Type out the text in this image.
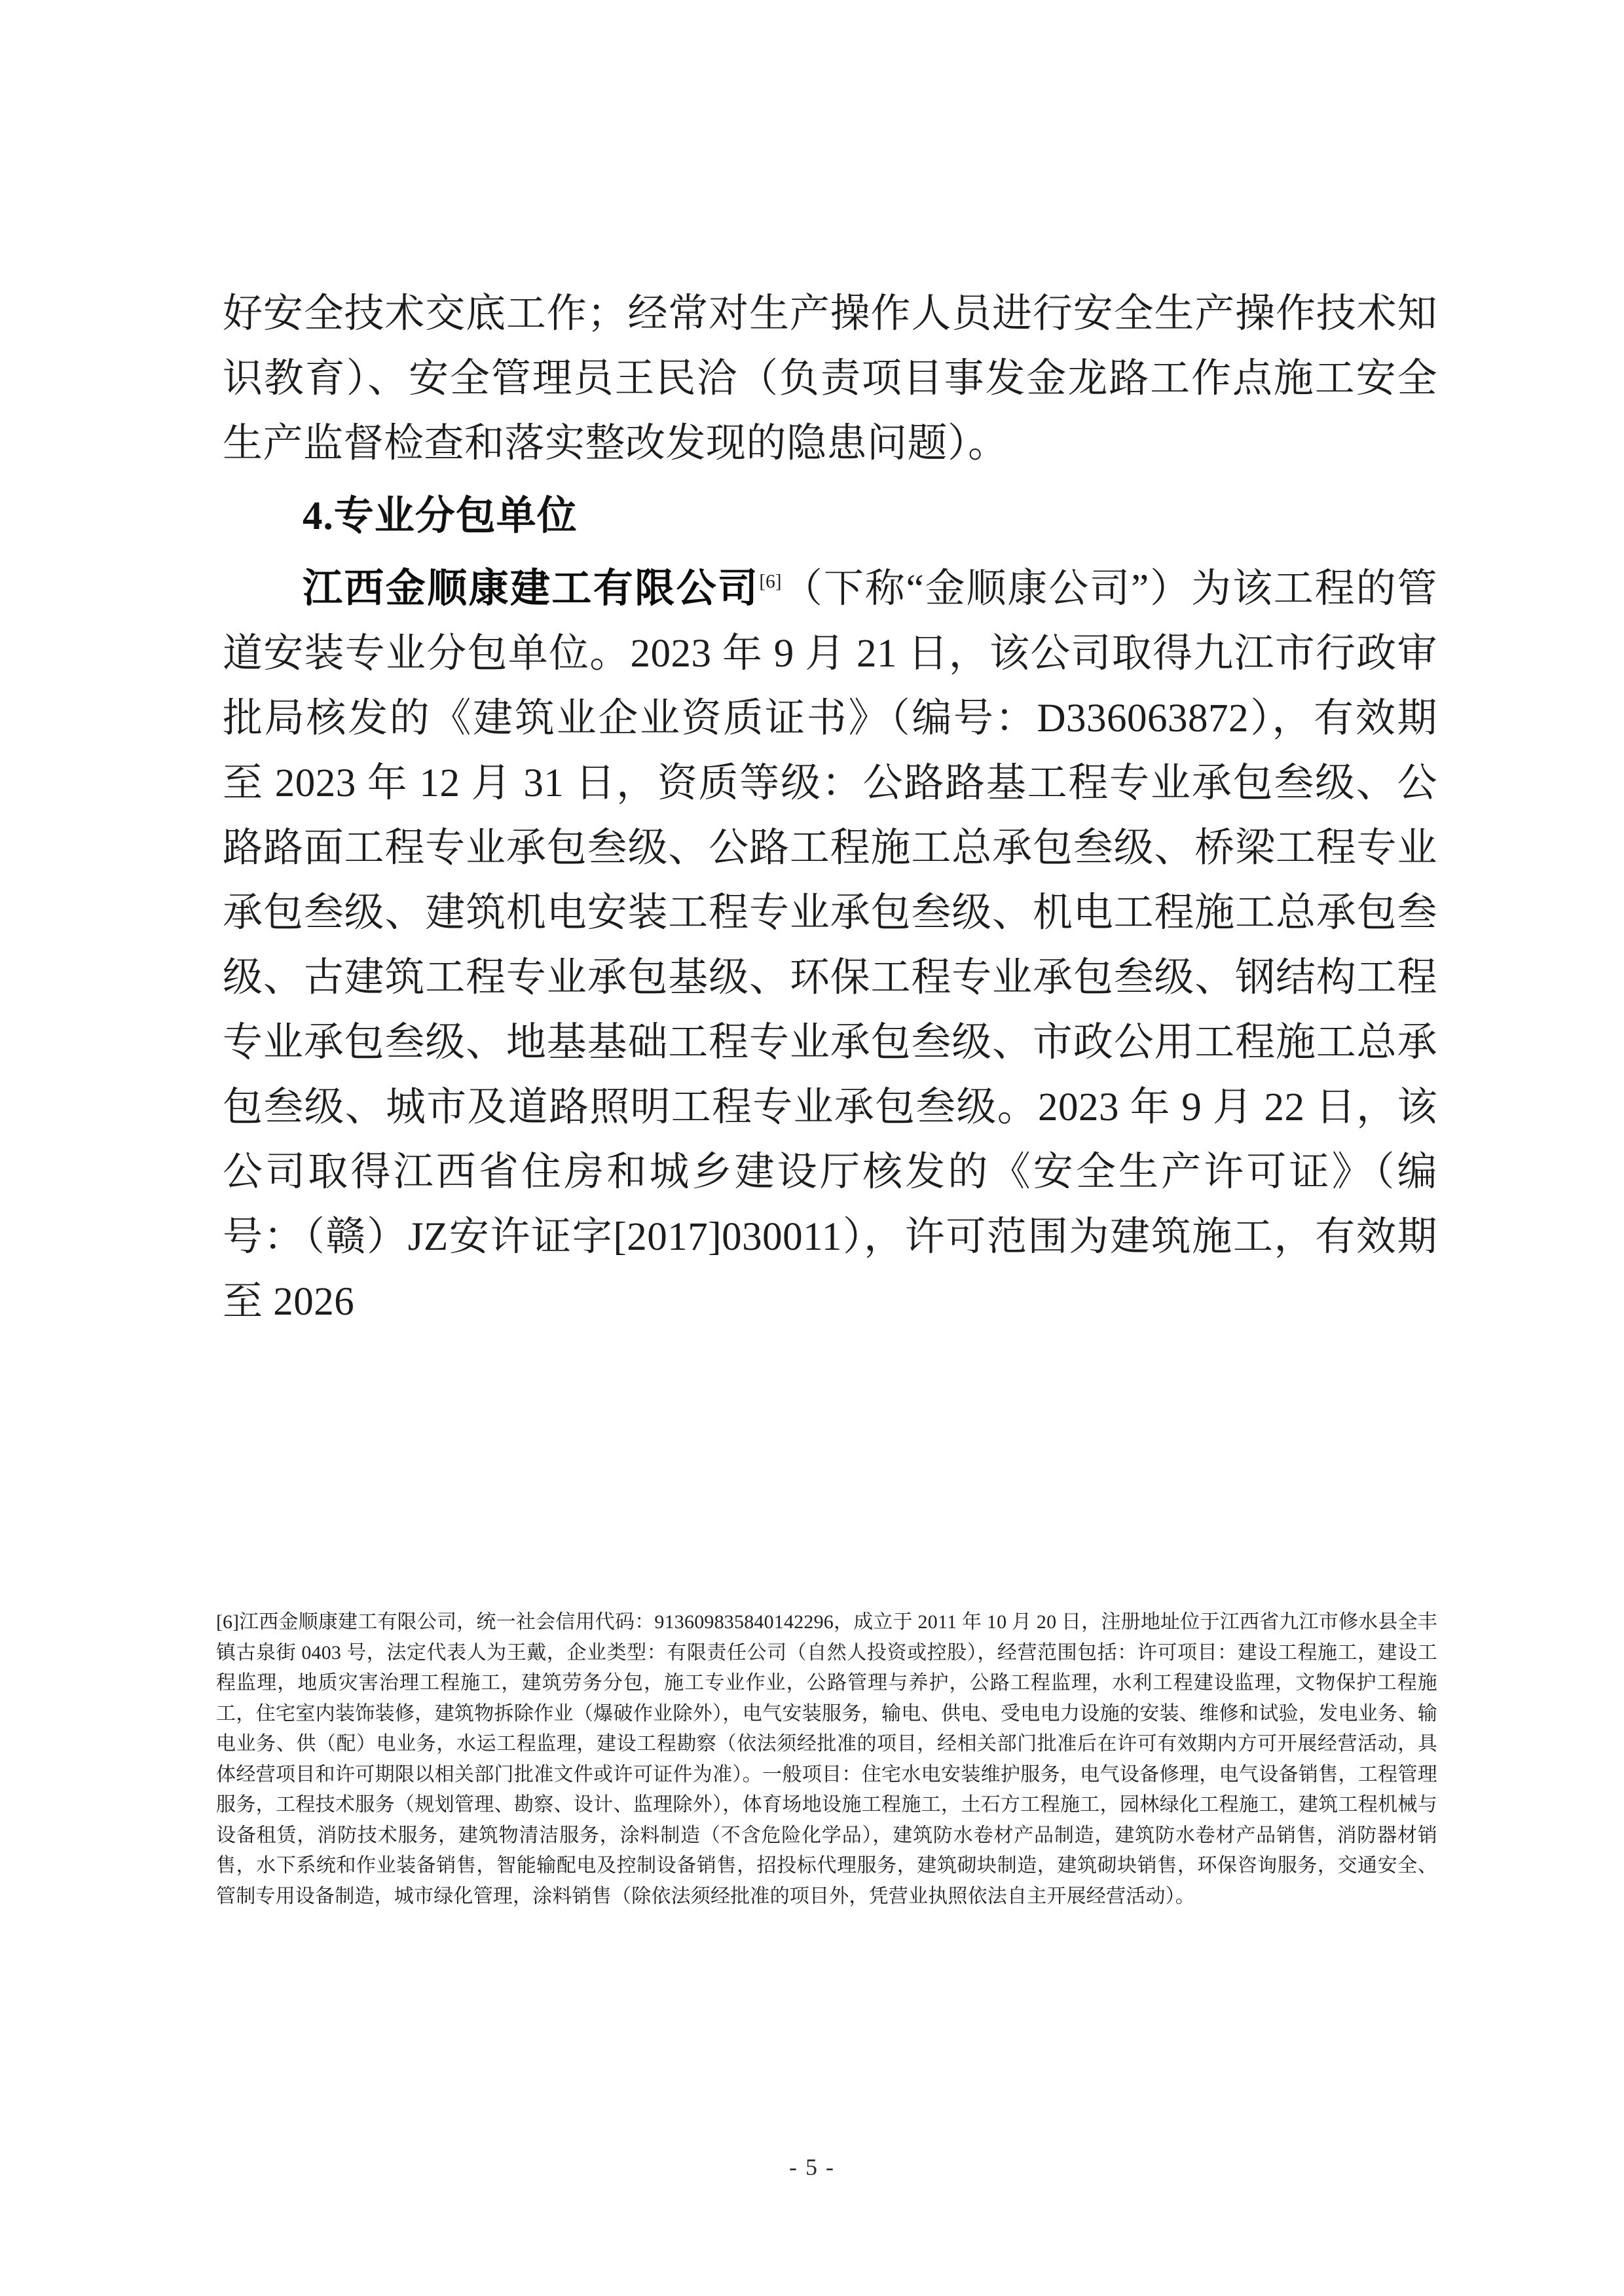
好安全技术交底工作；经常对生产操作人员进行安全生产操作技术知识教育）、安全管理员王民洽（负责项目事发金龙路工作点施工安全生产监督检查和落实整改发现的隐患问题）。

4.专业分包单位

江西金顺康建工有限公司[6]（下称“金顺康公司”）为该工程的管道安装专业分包单位。2023 年 9 月 21 日，该公司取得九江市行政审批局核发的《建筑业企业资质证书》（编号：D336063872），有效期至 2023 年 12 月 31 日，资质等级：公路路基工程专业承包叁级、公路路面工程专业承包叁级、公路工程施工总承包叁级、桥梁工程专业承包叁级、建筑机电安装工程专业承包叁级、机电工程施工总承包叁级、古建筑工程专业承包基级、环保工程专业承包叁级、钢结构工程专业承包叁级、地基基础工程专业承包叁级、市政公用工程施工总承包叁级、城市及道路照明工程专业承包叁级。2023 年 9 月 22 日，该公司取得江西省住房和城乡建设厅核发的《安全生产许可证》（编号：（赣）JZ安许证字[2017]030011），许可范围为建筑施工，有效期至 2026

[6]江西金顺康建工有限公司，统一社会信用代码：913609835840142296，成立于 2011 年 10 月 20 日，注册地址位于江西省九江市修水县全丰镇古泉街 0403 号，法定代表人为王戴，企业类型：有限责任公司（自然人投资或控股），经营范围包括：许可项目：建设工程施工，建设工程监理，地质灾害治理工程施工，建筑劳务分包，施工专业作业，公路管理与养护，公路工程监理，水利工程建设监理，文物保护工程施工，住宅室内装饰装修，建筑物拆除作业（爆破作业除外），电气安装服务，输电、供电、受电电力设施的安装、维修和试验，发电业务、输电业务、供（配）电业务，水运工程监理，建设工程勘察（依法须经批准的项目，经相关部门批准后在许可有效期内方可开展经营活动，具体经营项目和许可期限以相关部门批准文件或许可证件为准）。一般项目：住宅水电安装维护服务，电气设备修理，电气设备销售，工程管理服务，工程技术服务（规划管理、勘察、设计、监理除外），体育场地设施工程施工，土石方工程施工，园林绿化工程施工，建筑工程机械与设备租赁，消防技术服务，建筑物清洁服务，涂料制造（不含危险化学品），建筑防水卷材产品制造，建筑防水卷材产品销售，消防器材销售，水下系统和作业装备销售，智能输配电及控制设备销售，招投标代理服务，建筑砌块制造，建筑砌块销售，环保咨询服务，交通安全、管制专用设备制造，城市绿化管理，涂料销售（除依法须经批准的项目外，凭营业执照依法自主开展经营活动）。

- 5 -
